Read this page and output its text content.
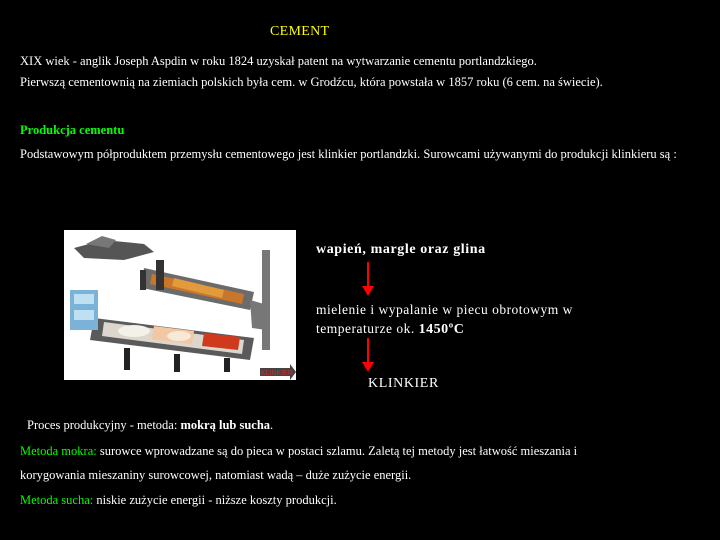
CEMENT
XIX wiek - anglik Joseph Aspdin w roku 1824 uzyskał patent na wytwarzanie cementu portlandzkiego.
Pierwszą cementownią na ziemiach polskich była cem. w Grodźcu, która powstała w 1857 roku (6 cem. na świecie).
Produkcja cementu
Podstawowym półproduktem przemysłu cementowego jest klinkier portlandzki. Surowcami używanymi do produkcji klinkieru są :
KLINKIER
wapień, margle oraz glina
mielenie i wypalanie w piecu obrotowym w temperaturze ok. 1450ºC
KLINKIER
Proces produkcyjny - metoda: mokrą lub sucha.
Metoda mokra: surowce wprowadzane są do pieca w postaci szlamu. Zaletą tej metody jest łatwość mieszania i
korygowania mieszaniny surowcowej, natomiast wadą – duże zużycie energii.
Metoda sucha: niskie zużycie energii - niższe koszty produkcji.
